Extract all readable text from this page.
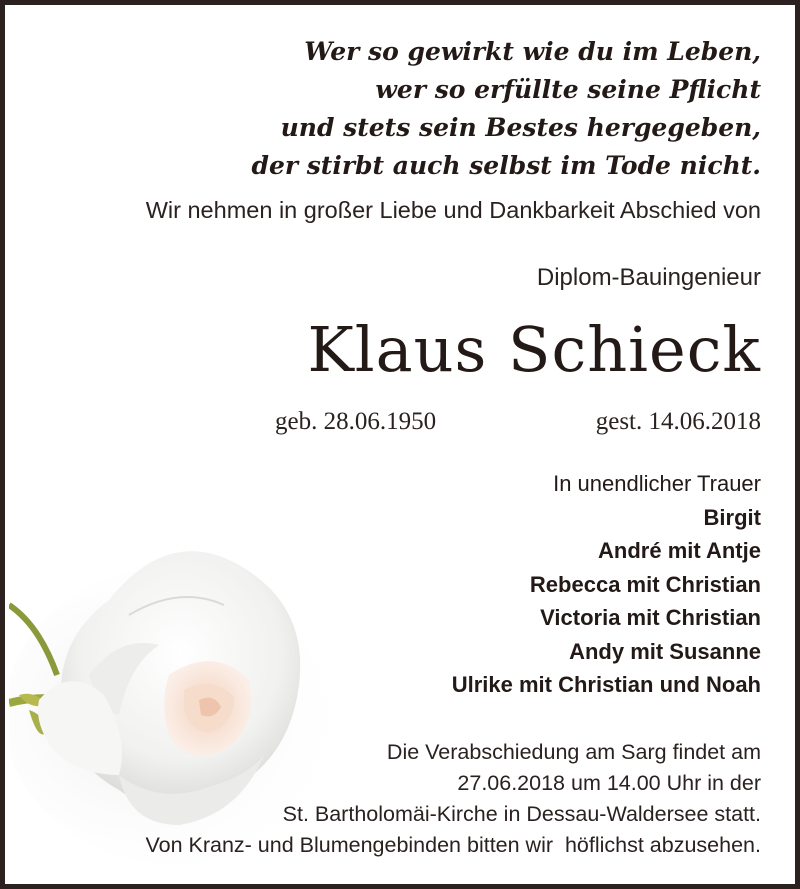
Wer so gewirkt wie du im Leben,
wer so erfüllte seine Pflicht
und stets sein Bestes hergegeben,
der stirbt auch selbst im Tode nicht.
Wir nehmen in großer Liebe und Dankbarkeit Abschied von
Diplom-Bauingenieur
Klaus Schieck
geb. 28.06.1950	gest. 14.06.2018
In unendlicher Trauer
Birgit
André mit Antje
Rebecca mit Christian
Victoria mit Christian
Andy mit Susanne
Ulrike mit Christian und Noah
Die Verabschiedung am Sarg findet am
27.06.2018 um 14.00 Uhr in der
St. Bartholomäi-Kirche in Dessau-Waldersee statt.
Von Kranz- und Blumengebinden bitten wir  höflichst abzusehen.
